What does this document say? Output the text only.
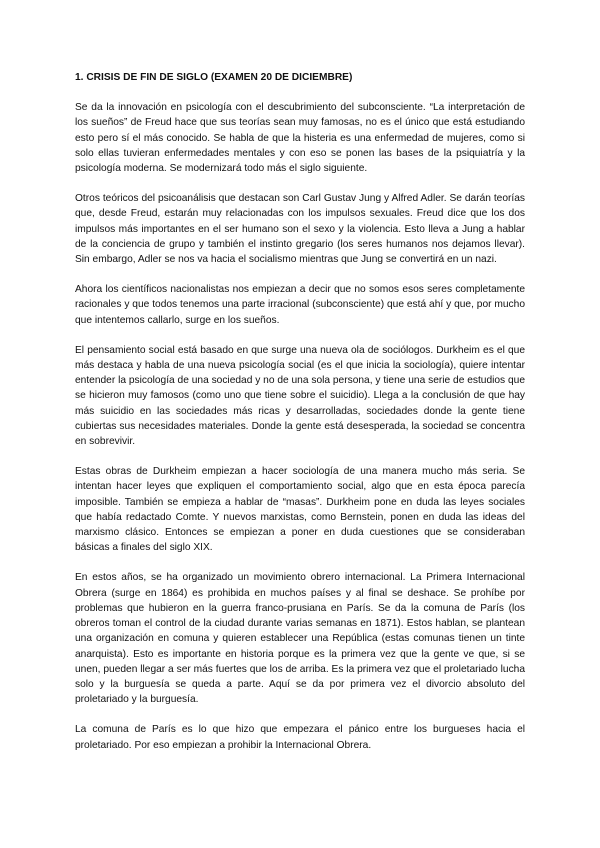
1. CRISIS DE FIN DE SIGLO (EXAMEN 20 DE DICIEMBRE)

Se da la innovación en psicología con el descubrimiento del subconsciente. “La interpretación de los sueños” de Freud hace que sus teorías sean muy famosas, no es el único que está estudiando esto pero sí el más conocido. Se habla de que la histeria es una enfermedad de mujeres, como si solo ellas tuvieran enfermedades mentales y con eso se ponen las bases de la psiquiatría y la psicología moderna. Se modernizará todo más el siglo siguiente.

Otros teóricos del psicoanálisis que destacan son Carl Gustav Jung y Alfred Adler. Se darán teorías que, desde Freud, estarán muy relacionadas con los impulsos sexuales. Freud dice que los dos impulsos más importantes en el ser humano son el sexo y la violencia. Esto lleva a Jung a hablar de la conciencia de grupo y también el instinto gregario (los seres humanos nos dejamos llevar). Sin embargo, Adler se nos va hacia el socialismo mientras que Jung se convertirá en un nazi.

Ahora los científicos nacionalistas nos empiezan a decir que no somos esos seres completamente racionales y que todos tenemos una parte irracional (subconsciente) que está ahí y que, por mucho que intentemos callarlo, surge en los sueños.

El pensamiento social está basado en que surge una nueva ola de sociólogos. Durkheim es el que más destaca y habla de una nueva psicología social (es el que inicia la sociología), quiere intentar entender la psicología de una sociedad y no de una sola persona, y tiene una serie de estudios que se hicieron muy famosos (como uno que tiene sobre el suicidio). Llega a la conclusión de que hay más suicidio en las sociedades más ricas y desarrolladas, sociedades donde la gente tiene cubiertas sus necesidades materiales. Donde la gente está desesperada, la sociedad se concentra en sobrevivir.

Estas obras de Durkheim empiezan a hacer sociología de una manera mucho más seria. Se intentan hacer leyes que expliquen el comportamiento social, algo que en esta época parecía imposible. También se empieza a hablar de “masas”. Durkheim pone en duda las leyes sociales que había redactado Comte. Y nuevos marxistas, como Bernstein, ponen en duda las ideas del marxismo clásico. Entonces se empiezan a poner en duda cuestiones que se consideraban básicas a finales del siglo XIX.

En estos años, se ha organizado un movimiento obrero internacional. La Primera Internacional Obrera (surge en 1864) es prohibida en muchos países y al final se deshace. Se prohíbe por problemas que hubieron en la guerra franco-prusiana en París. Se da la comuna de París (los obreros toman el control de la ciudad durante varias semanas en 1871). Estos hablan, se plantean una organización en comuna y quieren establecer una República (estas comunas tienen un tinte anarquista). Esto es importante en historia porque es la primera vez que la gente ve que, si se unen, pueden llegar a ser más fuertes que los de arriba. Es la primera vez que el proletariado lucha solo y la burguesía se queda a parte. Aquí se da por primera vez el divorcio absoluto del proletariado y la burguesía.

La comuna de París es lo que hizo que empezara el pánico entre los burgueses hacia el proletariado. Por eso empiezan a prohibir la Internacional Obrera.
